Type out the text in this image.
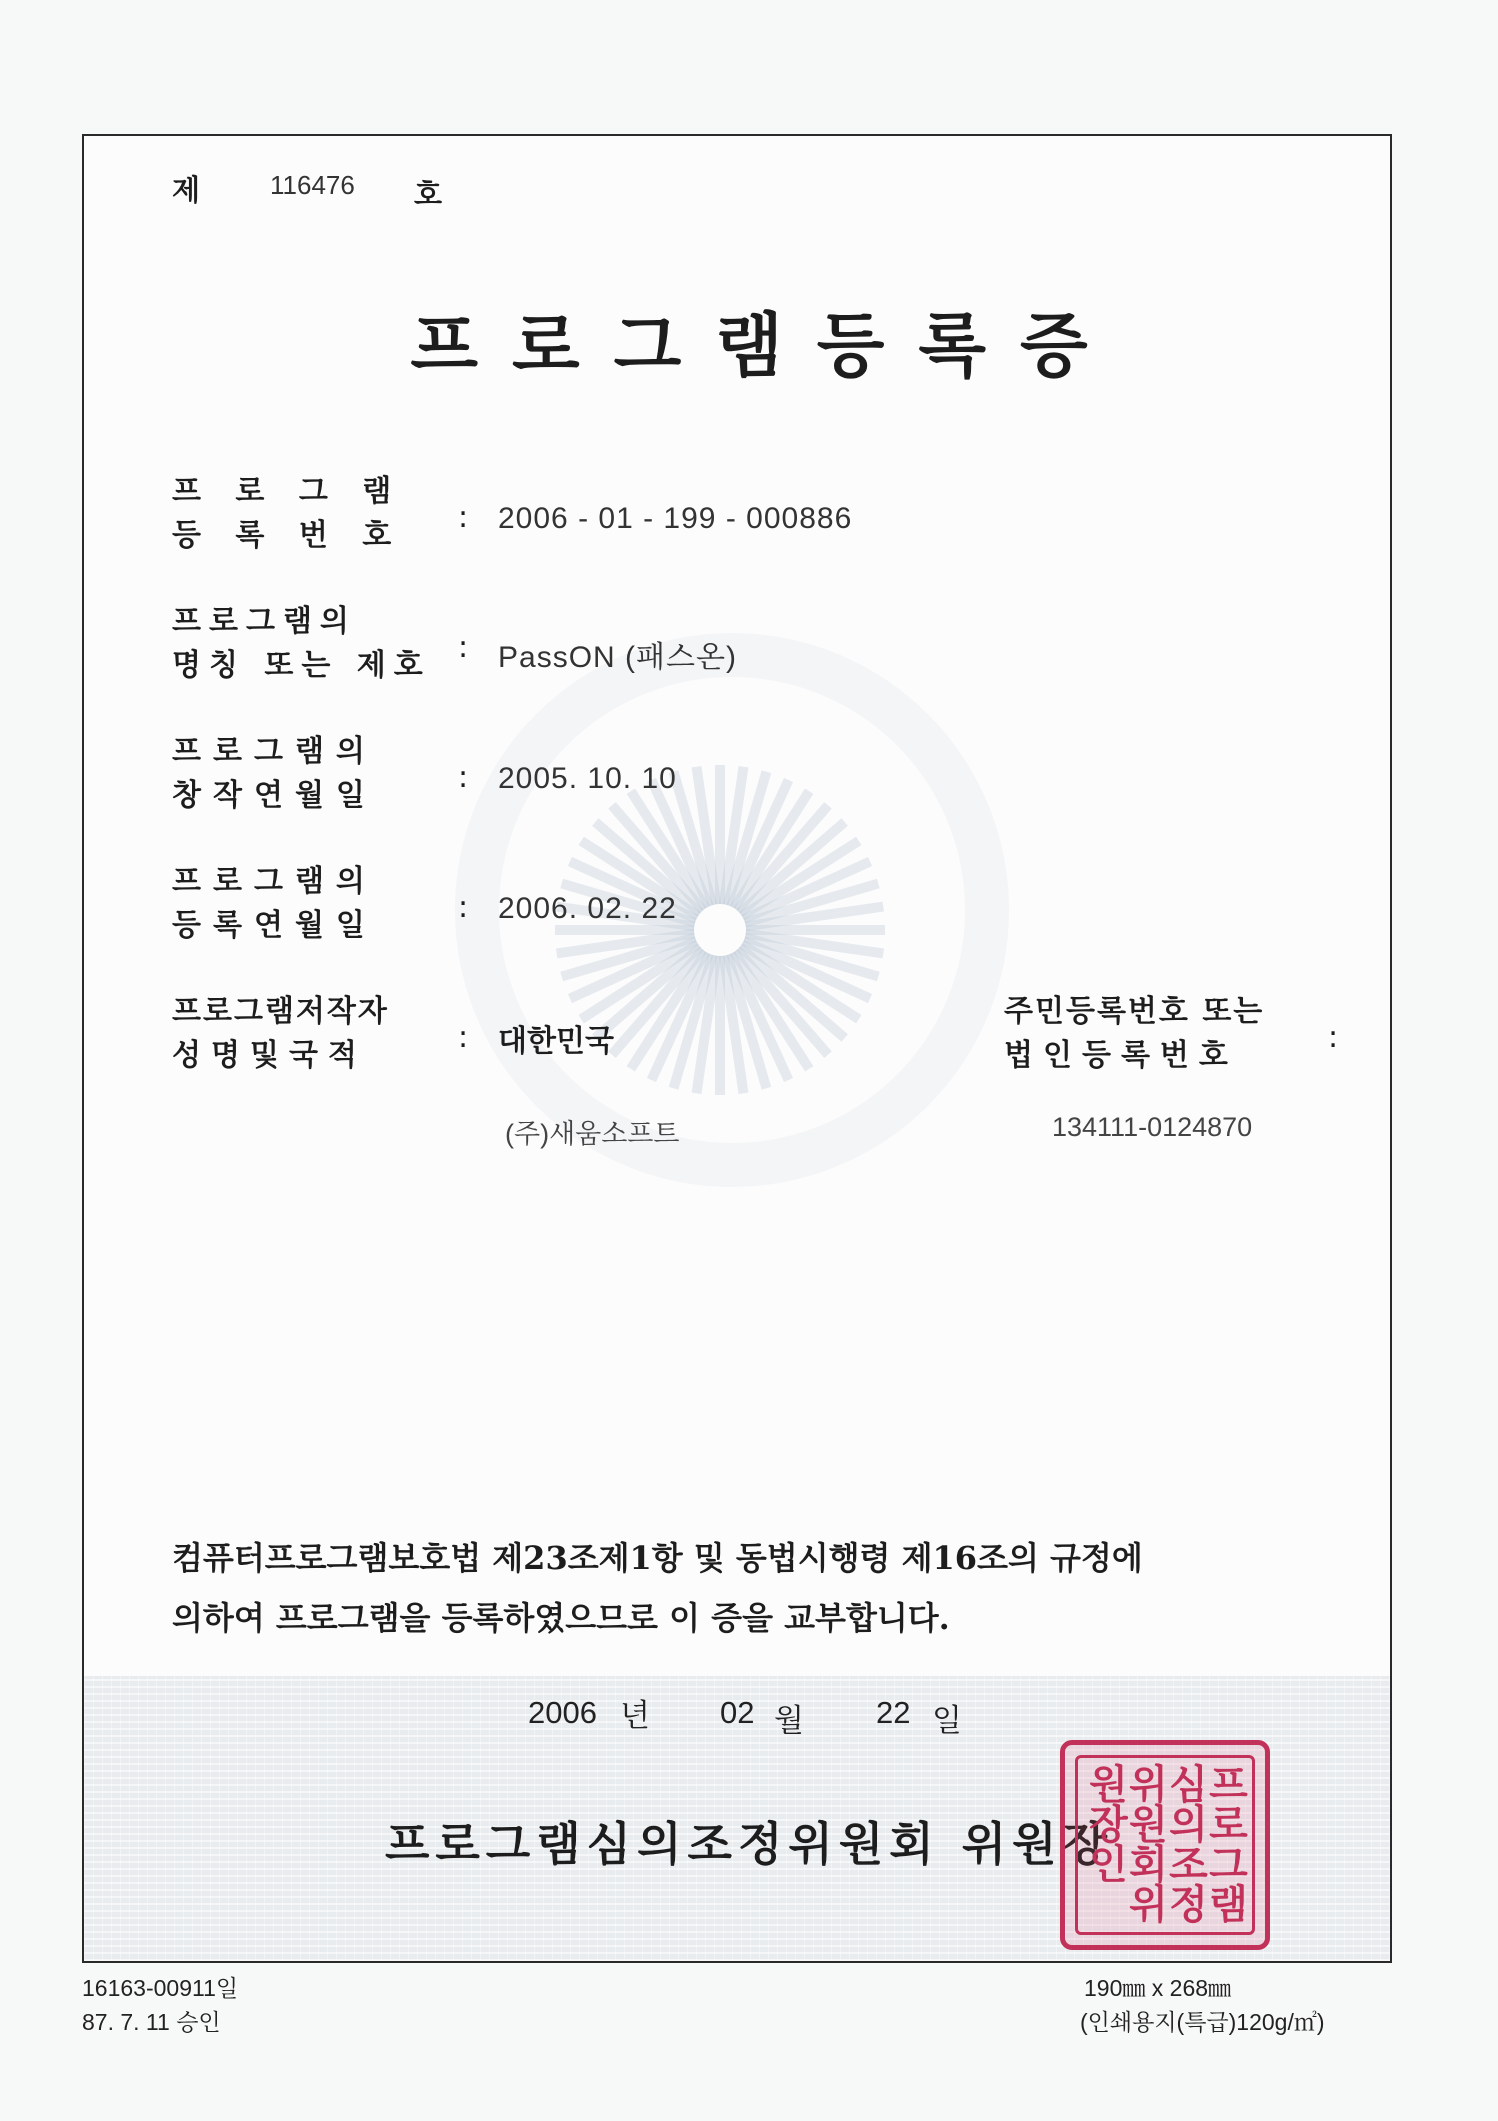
제	116476 호
프로그램등록증
프 로 그 램
등 록 번 호
: 2006 - 01 - 199 - 000886
프로그램의
명칭 또는 제호
: PassON (패스온)
프로그램의
창작연월일
: 2005. 10. 10
프로그램의
등록연월일
: 2006. 02. 22
프로그램저작자
성명및국적
: 대한민국
(주)새움소프트
주민등록번호 또는
법인등록번호
:
134111-0124870
컴퓨터프로그램보호법 제23조제1항 및 동법시행령 제16조의 규정에
의하여 프로그램을 등록하였으므로 이 증을 교부합니다.
2006 년 02 월 22 일
프로그램심의조정위원회 위원장	프로그램심의조정위원회위원장인
16163-00911일
87. 7. 11 승인
190㎜ x 268㎜
(인쇄용지(특급)120g/㎡)
